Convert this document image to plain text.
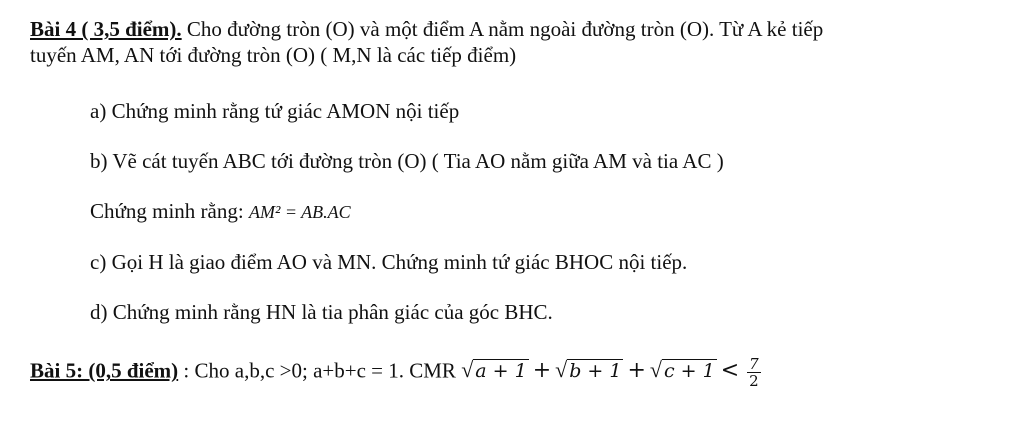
Bài 4 ( 3,5 điểm). Cho đường tròn (O) và một điểm A nằm ngoài đường tròn (O). Từ A kẻ tiếp
tuyến AM, AN tới đường tròn (O) ( M,N là các tiếp điểm)
a) Chứng minh rằng tứ giác AMON nội tiếp
b) Vẽ cát tuyến ABC tới đường tròn (O) ( Tia AO nằm giữa AM và tia AC )
Chứng minh rằng: AM² = AB.AC
c) Gọi H là giao điểm AO và MN. Chứng minh tứ giác BHOC nội tiếp.
d) Chứng minh rằng HN là tia phân giác của góc BHC.
Bài 5: (0,5 điểm) : Cho a,b,c >0; a+b+c = 1. CMR √ a + 1 + √ b + 1 + √ $c + 1 < \frac{7}{2}$
